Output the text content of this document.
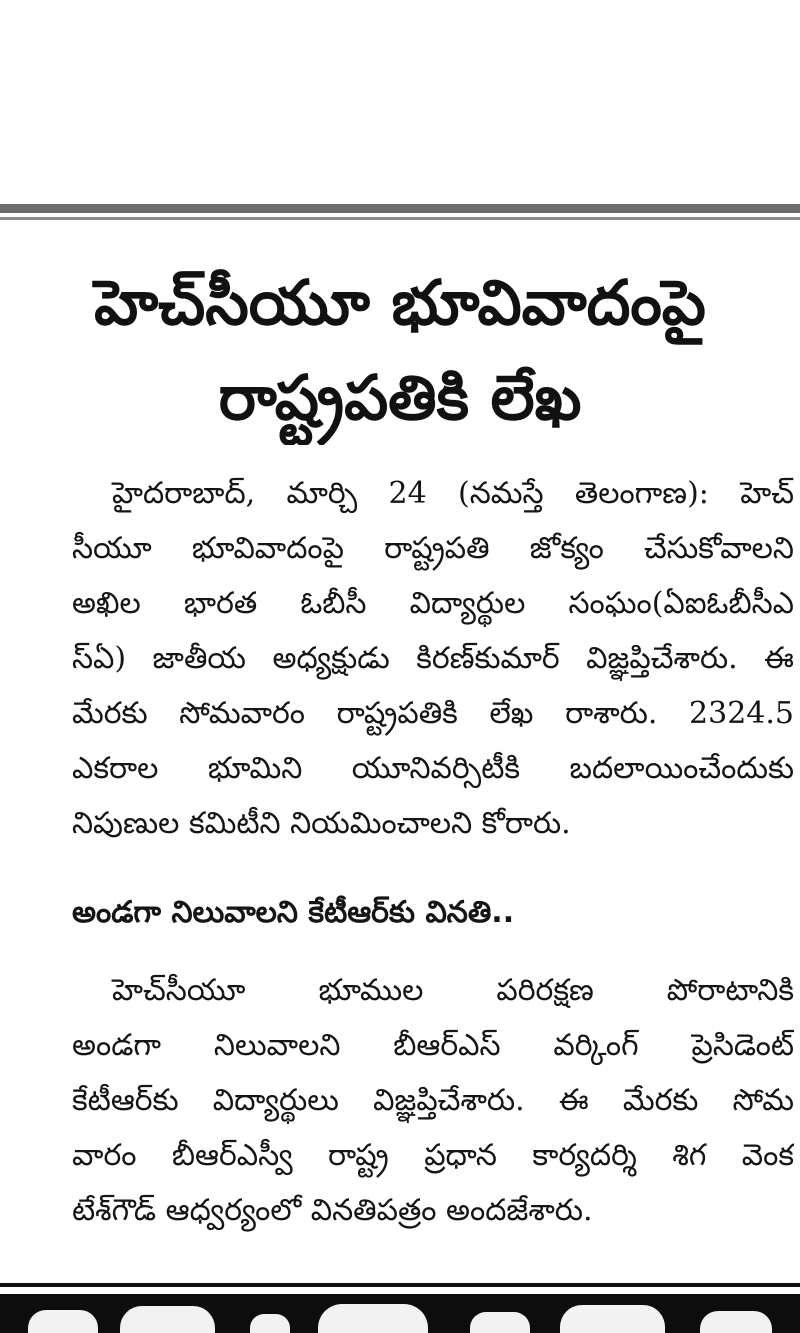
హెచ్‌సీయూ భూవివాదంపై
రాష్ట్రపతికి లేఖ
హైదరాబాద్, మార్చి 24 (నమస్తే తెలంగాణ): హెచ్‌
సీయూ భూవివాదంపై రాష్ట్రపతి జోక్యం చేసుకోవాలని
అఖిల భారత ఓబీసీ విద్యార్థుల సంఘం(ఏఐఓబీసీఎ
స్‌ఏ) జాతీయ అధ్యక్షుడు కిరణ్‌కుమార్ విజ్ఞప్తిచేశారు. ఈ
మేరకు సోమవారం రాష్ట్రపతికి లేఖ రాశారు. 2324.5
ఎకరాల భూమిని యూనివర్సిటీకి బదలాయించేందుకు
నిపుణుల కమిటీని నియమించాలని కోరారు.
అండగా నిలువాలని కేటీఆర్‌కు వినతి..
హెచ్‌సీయూ భూముల పరిరక్షణ పోరాటానికి
అండగా నిలువాలని బీఆర్‌ఎస్ వర్కింగ్ ప్రెసిడెంట్
కేటీఆర్‌కు విద్యార్థులు విజ్ఞప్తిచేశారు. ఈ మేరకు సోమ
వారం బీఆర్‌ఎస్వీ రాష్ట్ర ప్రధాన కార్యదర్శి శిగ వెంక
టేశ్‌గౌడ్ ఆధ్వర్యంలో వినతిపత్రం అందజేశారు.
